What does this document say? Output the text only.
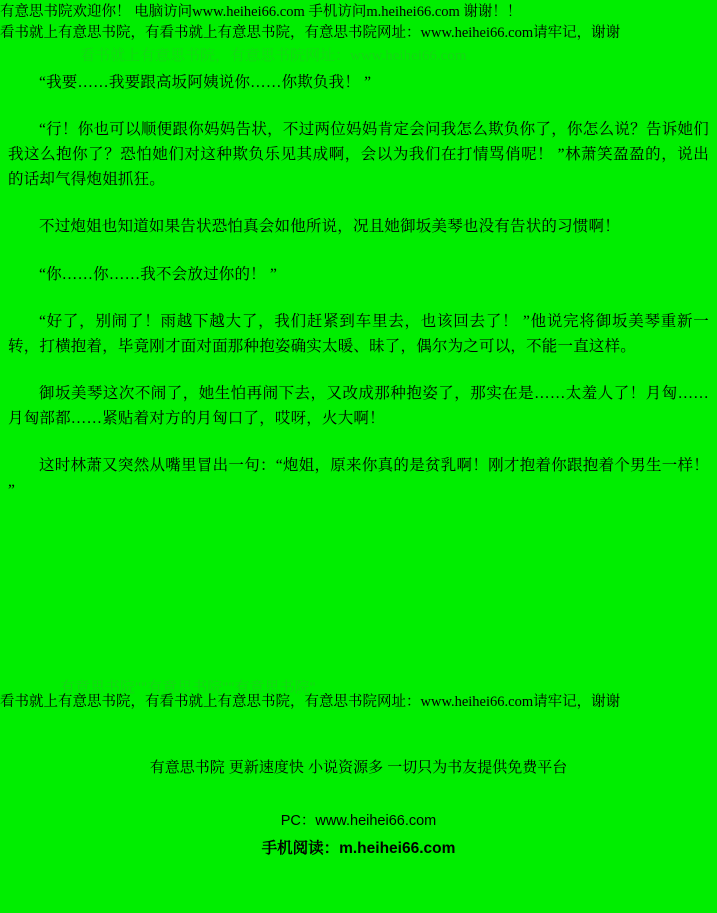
有意思书院欢迎你！ 电脑访问www.heihei66.com 手机访问m.heihei66.com 谢谢！！
看书就上有意思书院，有看书就上有意思书院，有意思书院网址：www.heihei66.com请牢记，谢谢
看书就上有意思书院，有意思书院网址：www.heihei66.com

“我要……我要跟高坂阿姨说你……你欺负我！ ”

“行！你也可以顺便跟你妈妈告状，不过两位妈妈肯定会问我怎么欺负你了，你怎么说？告诉她们我这么抱你了？恐怕她们对这种欺负乐见其成啊，会以为我们在打情骂俏呢！ ”林萧笑盈盈的，说出的话却气得炮姐抓狂。

不过炮姐也知道如果告状恐怕真会如他所说，况且她御坂美琴也没有告状的习惯啊！

“你……你……我不会放过你的！ ”

“好了，别闹了！雨越下越大了，我们赶紧到车里去，也该回去了！ ”他说完将御坂美琴重新一转，打横抱着，毕竟刚才面对面那种抱姿确实太暖、昧了，偶尔为之可以，不能一直这样。

御坂美琴这次不闹了，她生怕再闹下去，又改成那种抱姿了，那实在是……太羞人了！月匈……月匈部都……紧贴着对方的月匈口了，哎呀，火大啊！

这时林萧又突然从嘴里冒出一句：“炮姐，原来你真的是贫乳啊！刚才抱着你跟抱着个男生一样！ ”

有意思书院""有意思书院""有意思书院"
看书就上有意思书院，有看书就上有意思书院，有意思书院网址：www.heihei66.com请牢记，谢谢
有意思书院 更新速度快 小说资源多 一切只为书友提供免费平台
PC：www.heihei66.com
手机阅读：m.heihei66.com
